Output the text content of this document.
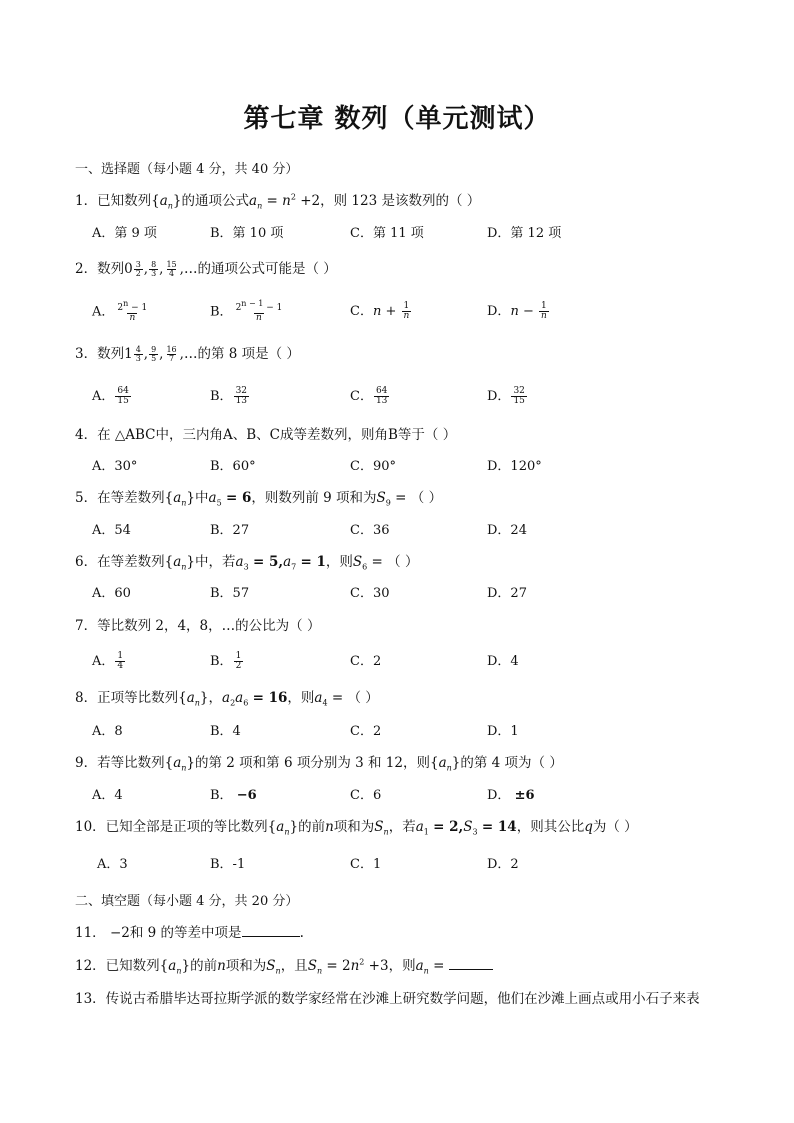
第七章 数列（单元测试）
一、选择题（每小题 4 分，共 40 分）
1．已知数列$\{a_n\}$的通项公式$a_n = n^2 +2$，则 123 是该数列的（ ）
A．第 9 项	B．第 10 项	C．第 11 项	D．第 12 项
2．数列$0 \frac{3}{2}$ , $\frac{8}{3}$ , $\frac{15}{4}$ ,…的通项公式可能是（ ）
A． $\frac{2^n - 1}{n}$	B． $\frac{2^{n - 1} - 1}{n}$	C．$n + \frac{1}{n}$	D．$n - \frac{1}{n}$
3．数列$1 \frac{4}{3}$ , $\frac{9}{5}$ , $\frac{16}{7}$ ,…的第 8 项是（ ）
A． $\frac{64}{15}$	B． $\frac{32}{13}$	C． $\frac{64}{13}$	D． $\frac{32}{15}$
4．在 △ABC中，三内角A、B、C成等差数列，则角B等于（ ）
A．30°	B．60°	C．90°	D．120°
5．在等差数列$\{a_n\}$中$a_5 = 6$，则数列前 9 项和为$S_9$ = （ ）
A．54	B．27	C．36	D．24
6．在等差数列$\{a_n\}$中，若$a_3 = 5,a_7 = 1$，则$S_6$ = （ ）
A．60	B．57	C．30	D．27
7．等比数列 2，4，8，…的公比为（ ）
A． $\frac{1}{4}$	B． $\frac{1}{2}$	C．2	D．4
8．正项等比数列$\{a_n\}$，$a_2a_6 = 16$，则$a_4$ = （ ）
A．8	B．4	C．2	D．1
9．若等比数列$\{a_n\}$的第 2 项和第 6 项分别为 3 和 12，则$\{a_n\}$的第 4 项为（ ）
A．4	B． −6	C．6	D． ±6
10．已知全部是正项的等比数列$\{a_n\}$的前n项和为$S_n$，若$a_1 = 2,S_3 = 14$，则其公比q为（ ）
A．3	B．-1	C．1	D．2
二、填空题（每小题 4 分，共 20 分）
11． −2和 9 的等差中项是	.
12．已知数列$\{a_n\}$的前n项和为$S_n$，且$S_n = 2n^2 +3$，则$a_n$ =
13．传说古希腊毕达哥拉斯学派的数学家经常在沙滩上研究数学问题，他们在沙滩上画点或用小石子来表
